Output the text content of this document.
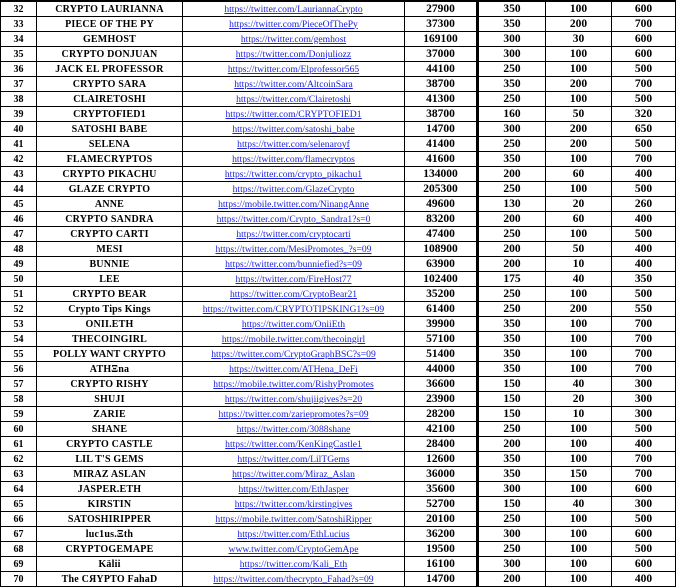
32	CRYPTO LAURIANNA	https://twitter.com/LauriannaCrypto	27900	350	100	600
33	PIECE OF THE PY	https://twitter.com/PieceOfThePy	37300	350	200	700
34	GEMHOST	https://twitter.com/gemhost	169100	300	30	600
35	CRYPTO DONJUAN	https://twitter.com/Donjuliozz	37000	300	100	600
36	JACK EL PROFESSOR	https://twitter.com/Elprofessor565	44100	250	100	500
37	CRYPTO SARA	https://twitter.com/AltcoinSara	38700	350	200	700
38	CLAIRETOSHI	https://twitter.com/Clairetoshi	41300	250	100	500
39	CRYPTOFIED1	https://twitter.com/CRYPTOFIED1	38700	160	50	320
40	SATOSHI BABE	https://twitter.com/satoshi_babe	14700	300	200	650
41	SELENA	https://twitter.com/selenaroyf	41400	250	200	500
42	FLAMECRYPTOS	https://twitter.com/flamecryptos	41600	350	100	700
43	CRYPTO PIKACHU	https://twitter.com/crypto_pikachu1	134000	200	60	400
44	GLAZE CRYPTO	https://twitter.com/GlazeCrypto	205300	250	100	500
45	ANNE	https://mobile.twitter.com/NinangAnne	49600	130	20	260
46	CRYPTO SANDRA	https://twitter.com/Crypto_Sandra1?s=0	83200	200	60	400
47	CRYPTO CARTI	https://twitter.com/cryptocarti	47400	250	100	500
48	MESI	https://twitter.com/MesiPromotes_?s=09	108900	200	50	400
49	BUNNIE	https://twitter.com/bunniefied?s=09	63900	200	10	400
50	LEE	https://twitter.com/FireHost77	102400	175	40	350
51	CRYPTO BEAR	https://twitter.com/CryptoBear21	35200	250	100	500
52	Crypto Tips Kings	https://twitter.com/CRYPTOTIPSKING1?s=09	61400	250	200	550
53	ONII.ETH	https://twitter.com/OniiEth	39900	350	100	700
54	THECOINGIRL	https://mobile.twitter.com/thecoingirl	57100	350	100	700
55	POLLY WANT CRYPTO	https://twitter.com/CryptoGraphBSC?s=09	51400	350	100	700
56	ATHΞna	https://twitter.com/ATHena_DeFi	44000	350	100	700
57	CRYPTO RISHY	https://mobile.twitter.com/RishyPromotes	36600	150	40	300
58	SHUJI	https://twitter.com/shujiigives?s=20	23900	150	20	300
59	ZARIE	https://twitter.com/zariepromotes?s=09	28200	150	10	300
60	SHANE	https://twitter.com/3088shane	42100	250	100	500
61	CRYPTO CASTLE	https://twitter.com/KenKingCastle1	28400	200	100	400
62	LIL T'S GEMS	https://twitter.com/LilTGems	12600	350	100	700
63	MIRAZ ASLAN	https://twitter.com/Miraz_Aslan	36000	350	150	700
64	JASPER.ETH	https://twitter.com/EthJasper	35600	300	100	600
65	KIRSTIN	https://twitter.com/kirstingives	52700	150	40	300
66	SATOSHIRIPPER	https://mobile.twitter.com/SatoshiRipper	20100	250	100	500
67	luc1us.Ξth	https://twitter.com/EthLucius	36200	300	100	600
68	CRYPTOGEMAPE	www.twitter.com/CryptoGemApe	19500	250	100	500
69	Kälii	https://twitter.com/Kali_Eth	16100	300	100	600
70	The CЯYPTO FahaD	https://twitter.com/thecrypto_Fahad?s=09	14700	200	100	400
